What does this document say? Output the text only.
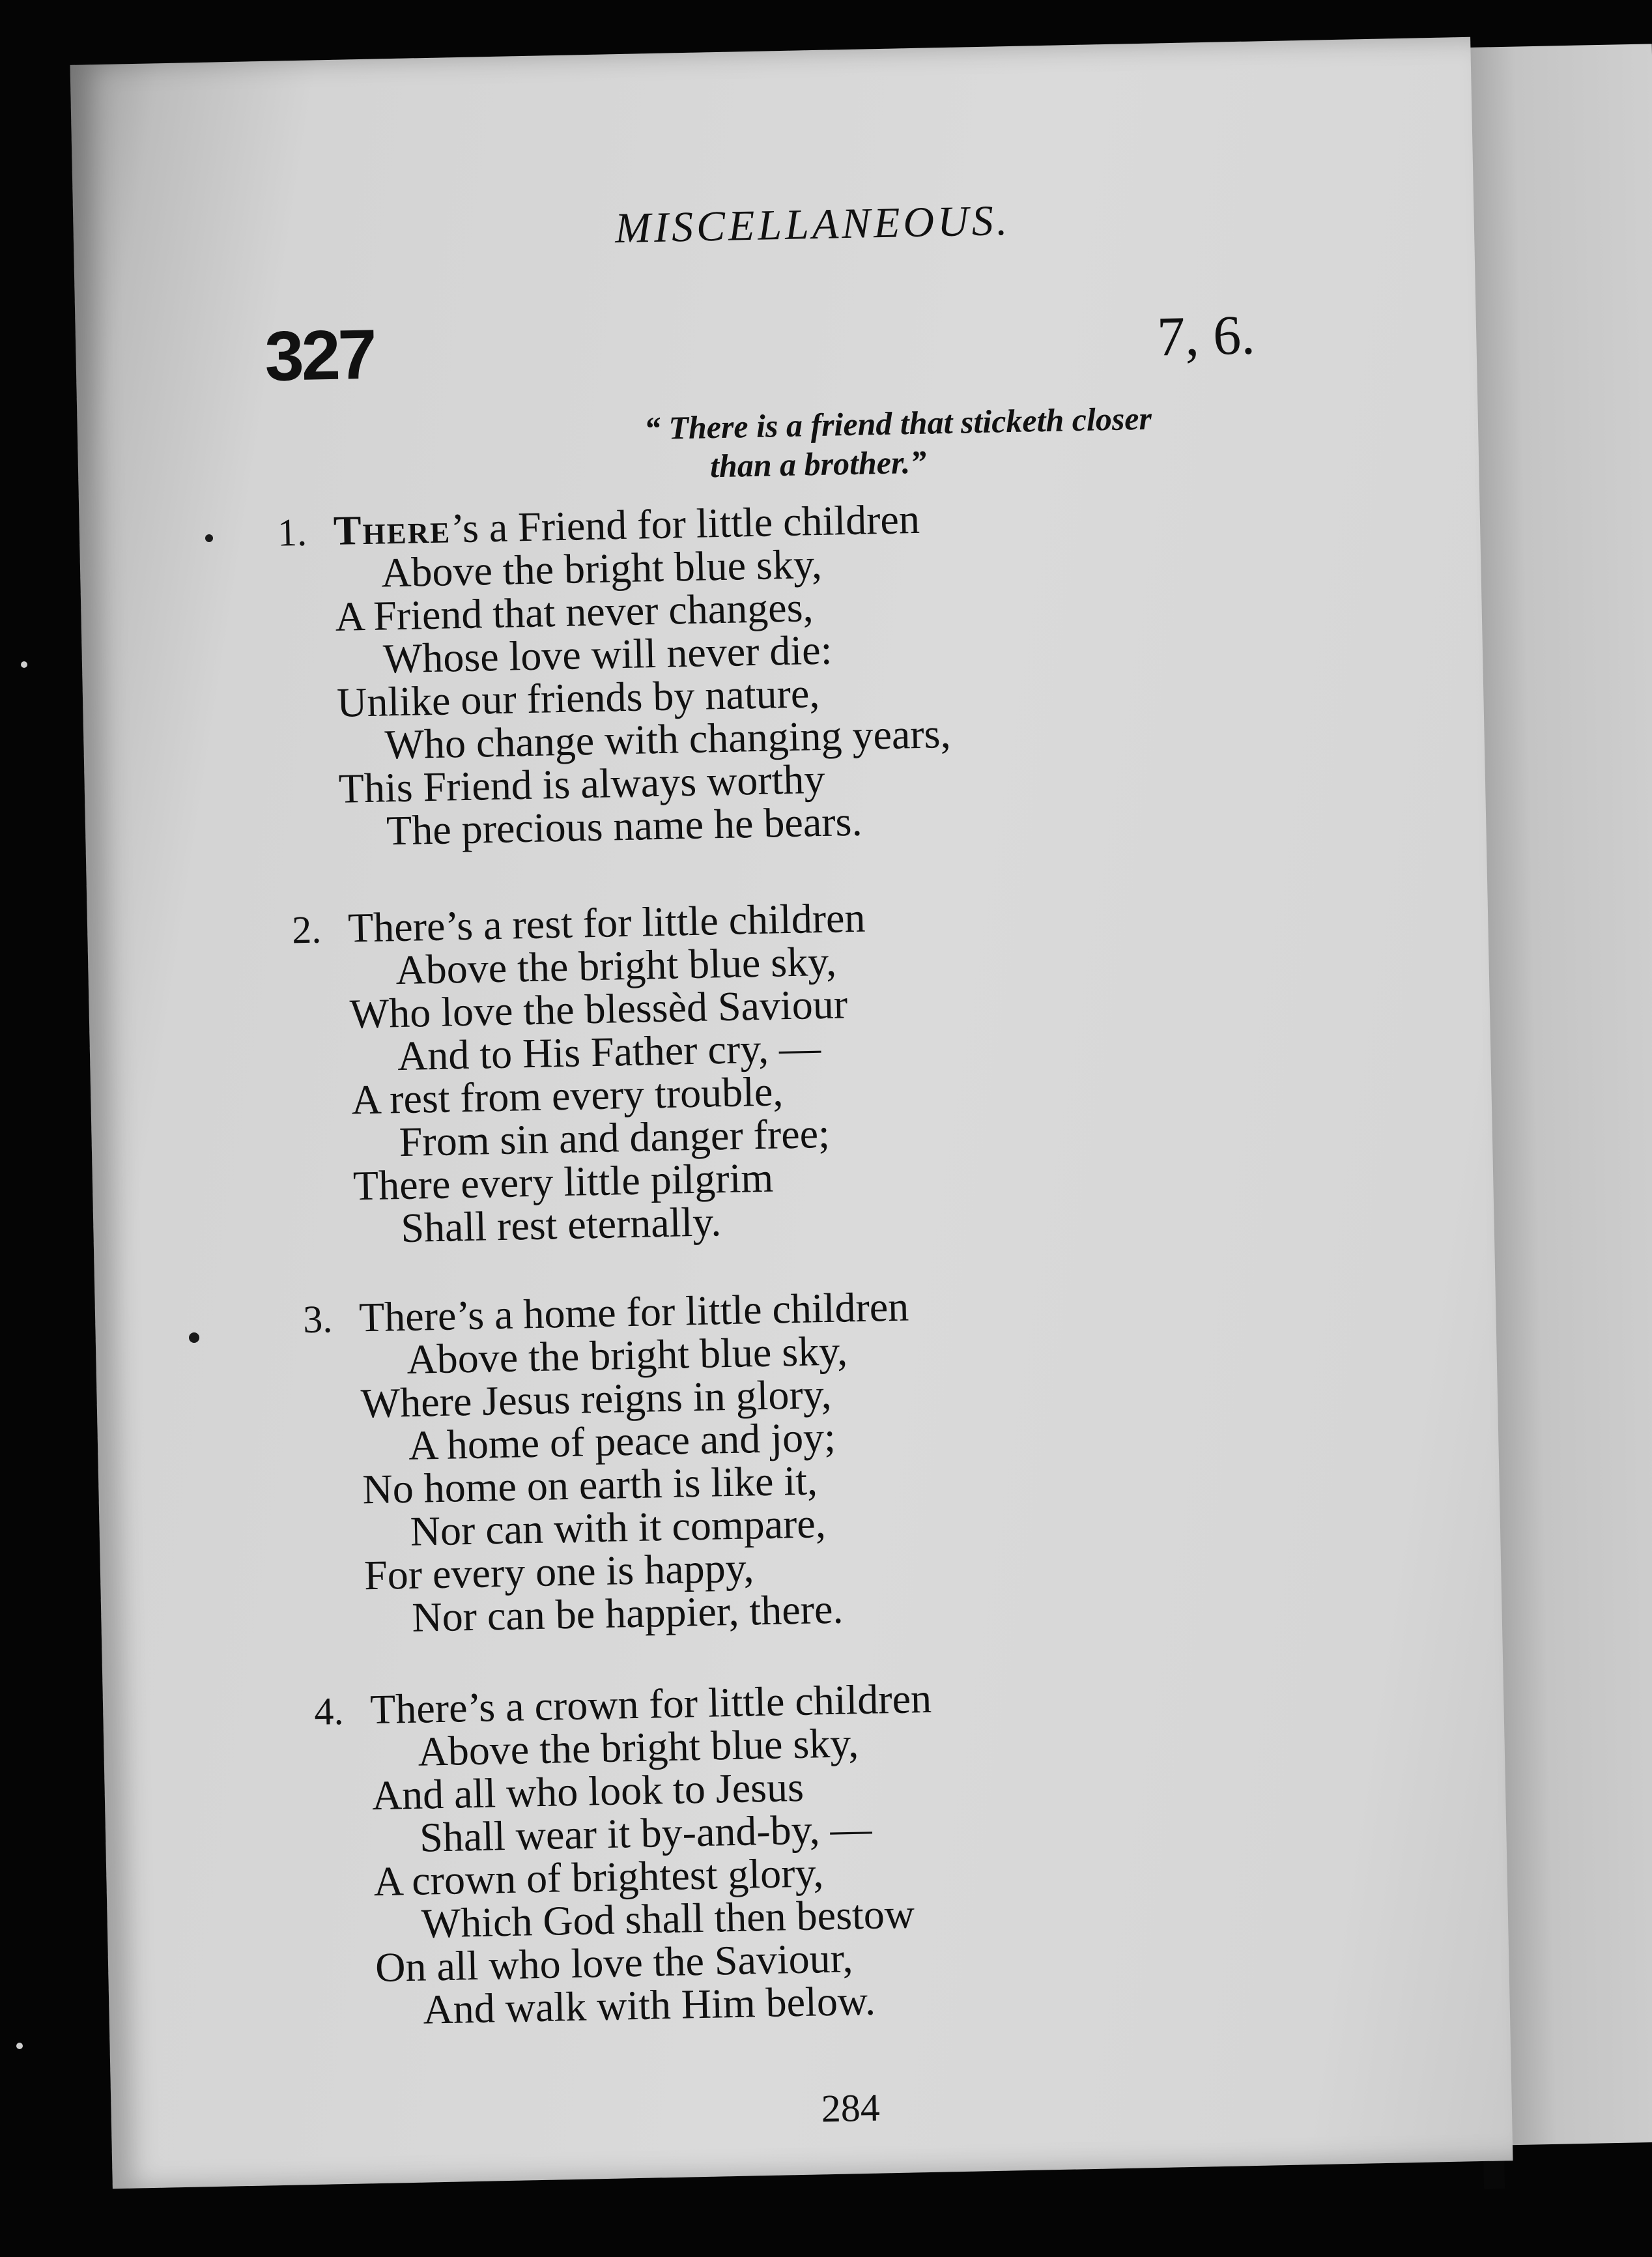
MISCELLANEOUS.
327	7, 6.
“ There is a friend that sticketh closer
than a brother.”
1. There’s a Friend for little children
Above the bright blue sky,
A Friend that never changes,
Whose love will never die:
Unlike our friends by nature,
Who change with changing years,
This Friend is always worthy
The precious name he bears.
2. There’s a rest for little children
Above the bright blue sky,
Who love the blessèd Saviour
And to His Father cry, —
A rest from every trouble,
From sin and danger free;
There every little pilgrim
Shall rest eternally.
3. There’s a home for little children
Above the bright blue sky,
Where Jesus reigns in glory,
A home of peace and joy;
No home on earth is like it,
Nor can with it compare,
For every one is happy,
Nor can be happier, there.
4. There’s a crown for little children
Above the bright blue sky,
And all who look to Jesus
Shall wear it by-and-by, —
A crown of brightest glory,
Which God shall then bestow
On all who love the Saviour,
And walk with Him below.
284
